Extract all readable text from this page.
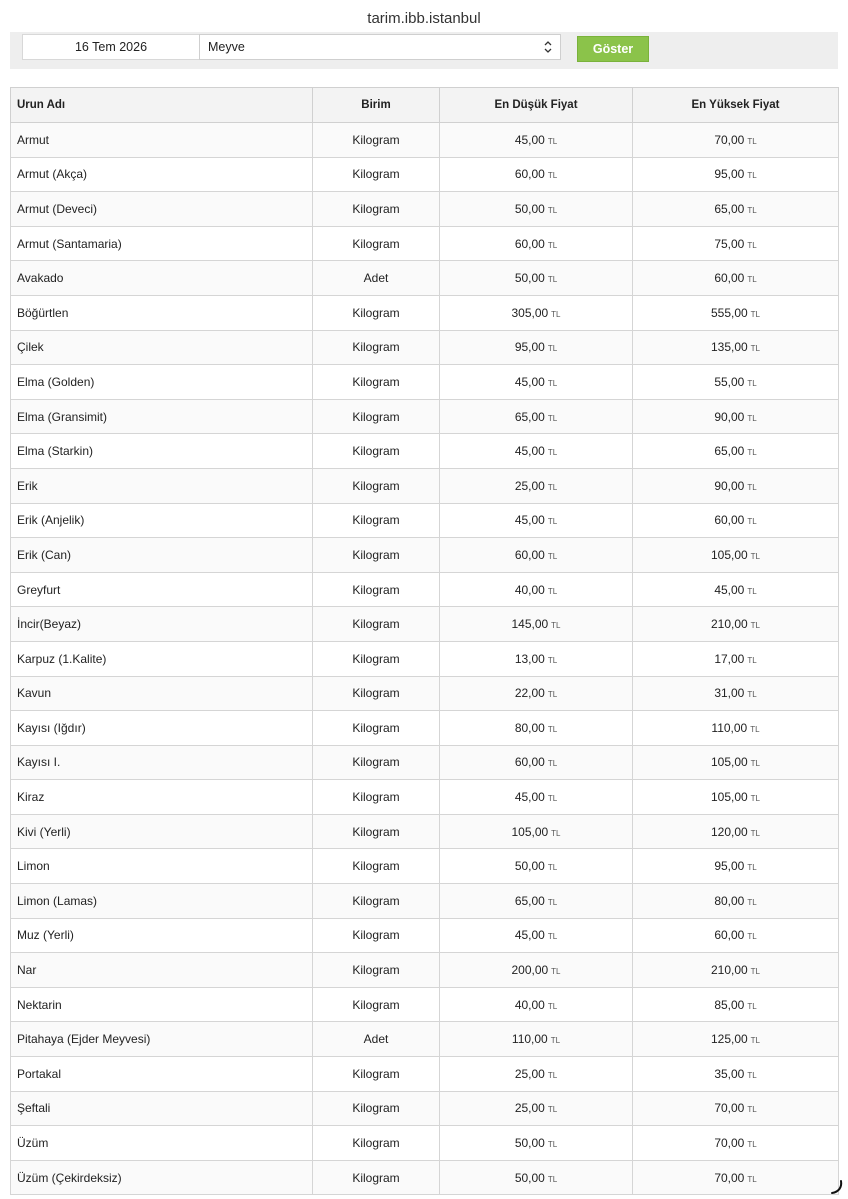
tarim.ibb.istanbul
16 Tem 2026	Meyve	Göster
Urun Adı	Birim	En Düşük Fiyat	En Yüksek Fiyat
Armut	Kilogram	45,00 TL	70,00 TL
Armut (Akça)	Kilogram	60,00 TL	95,00 TL
Armut (Deveci)	Kilogram	50,00 TL	65,00 TL
Armut (Santamaria)	Kilogram	60,00 TL	75,00 TL
Avakado	Adet	50,00 TL	60,00 TL
Böğürtlen	Kilogram	305,00 TL	555,00 TL
Çilek	Kilogram	95,00 TL	135,00 TL
Elma (Golden)	Kilogram	45,00 TL	55,00 TL
Elma (Gransimit)	Kilogram	65,00 TL	90,00 TL
Elma (Starkin)	Kilogram	45,00 TL	65,00 TL
Erik	Kilogram	25,00 TL	90,00 TL
Erik (Anjelik)	Kilogram	45,00 TL	60,00 TL
Erik (Can)	Kilogram	60,00 TL	105,00 TL
Greyfurt	Kilogram	40,00 TL	45,00 TL
İncir(Beyaz)	Kilogram	145,00 TL	210,00 TL
Karpuz (1.Kalite)	Kilogram	13,00 TL	17,00 TL
Kavun	Kilogram	22,00 TL	31,00 TL
Kayısı (Iğdır)	Kilogram	80,00 TL	110,00 TL
Kayısı I.	Kilogram	60,00 TL	105,00 TL
Kiraz	Kilogram	45,00 TL	105,00 TL
Kivi (Yerli)	Kilogram	105,00 TL	120,00 TL
Limon	Kilogram	50,00 TL	95,00 TL
Limon (Lamas)	Kilogram	65,00 TL	80,00 TL
Muz (Yerli)	Kilogram	45,00 TL	60,00 TL
Nar	Kilogram	200,00 TL	210,00 TL
Nektarin	Kilogram	40,00 TL	85,00 TL
Pitahaya (Ejder Meyvesi)	Adet	110,00 TL	125,00 TL
Portakal	Kilogram	25,00 TL	35,00 TL
Şeftali	Kilogram	25,00 TL	70,00 TL
Üzüm	Kilogram	50,00 TL	70,00 TL
Üzüm (Çekirdeksiz)	Kilogram	50,00 TL	70,00 TL
